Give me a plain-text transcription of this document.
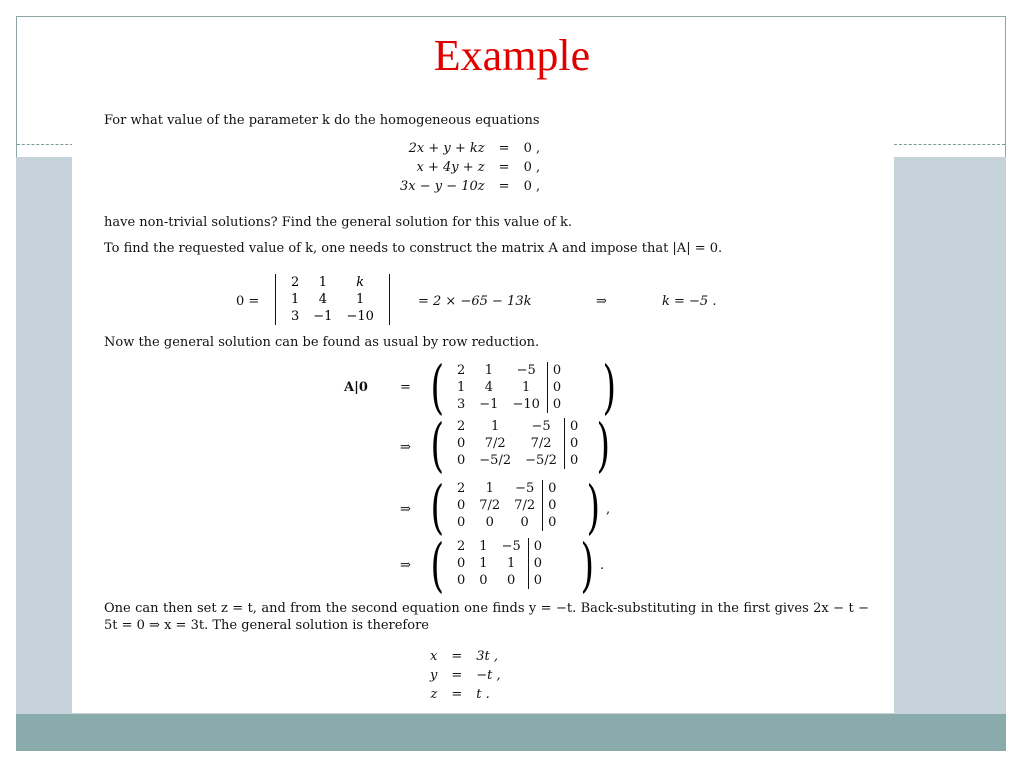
Example

For what value of the parameter k do the homogeneous equations

2x + y + kz	=	0 ,
x + 4y + z	=	0 ,
3x − y − 10z	=	0 ,

have non-trivial solutions? Find the general solution for this value of k.

To find the requested value of k, one needs to construct the matrix A and impose that |A| = 0.

0 =
2	1	k
1	4	1
3	−1	−10
= 2 × −65 − 13k	⇒	k = −5 .

Now the general solution can be found as usual by row reduction.

A|0 = ( 2	1	−5	0
1	4	1	0
3	−1	−10	0 )
⇒ ( 2	1	−5	0
0	7/2	7/2	0
0	−5/2	−5/2	0 )
⇒ ( 2	1	−5	0
0	7/2	7/2	0
0	0	0	0 ) ,
⇒ ( 2	1	−5	0
0	1	1	0
0	0	0	0 ) .

One can then set z = t, and from the second equation one finds y = −t. Back-substituting in the first gives 2x − t − 5t = 0 ⇒ x = 3t. The general solution is therefore

x	=	3t ,
y	=	−t ,
z	=	t .
